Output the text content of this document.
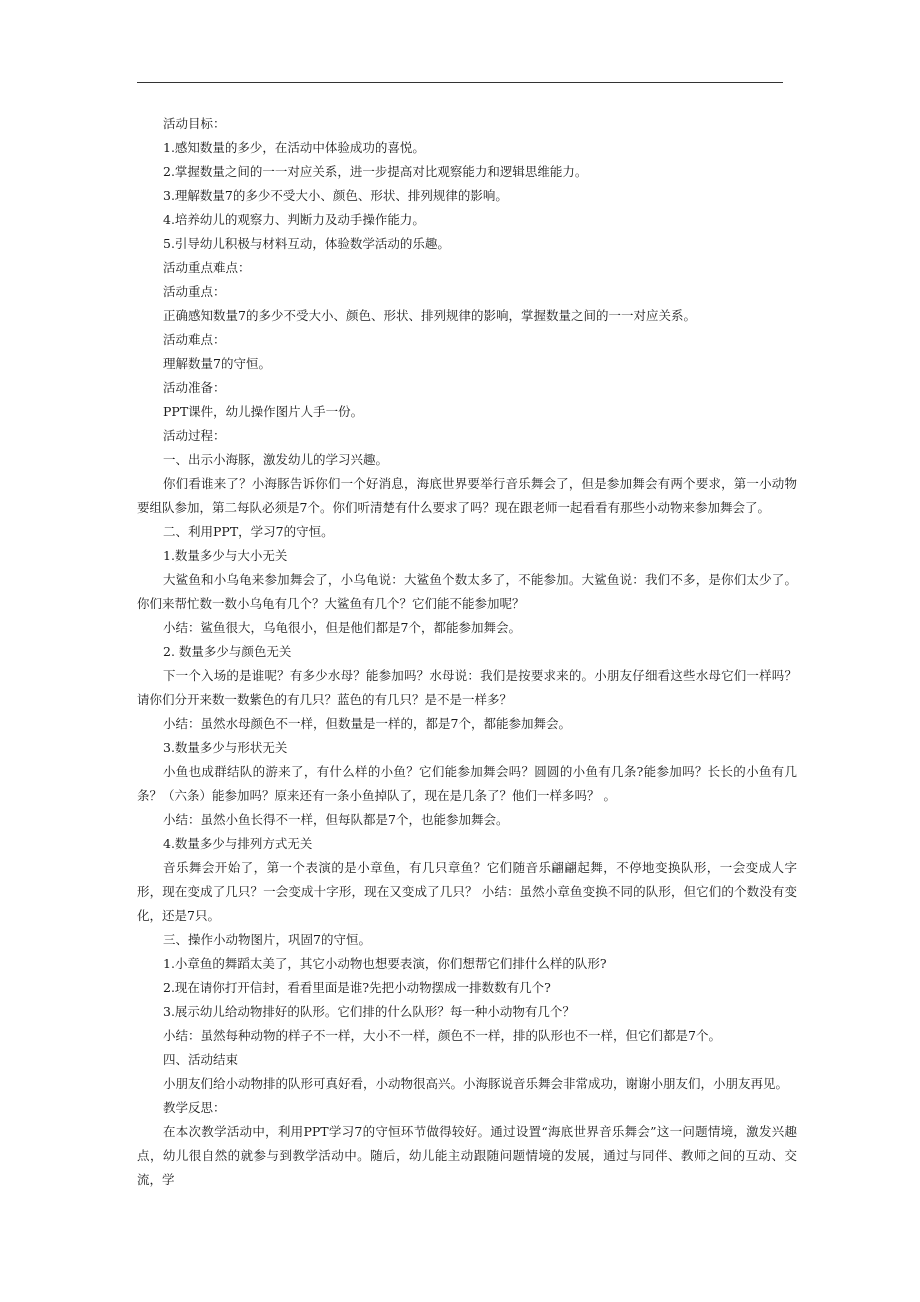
活动目标：
1.感知数量的多少，在活动中体验成功的喜悦。
2.掌握数量之间的一一对应关系，进一步提高对比观察能力和逻辑思维能力。
3.理解数量7的多少不受大小、颜色、形状、排列规律的影响。
4.培养幼儿的观察力、判断力及动手操作能力。
5.引导幼儿积极与材料互动，体验数学活动的乐趣。
活动重点难点：
活动重点：
正确感知数量7的多少不受大小、颜色、形状、排列规律的影响，掌握数量之间的一一对应关系。
活动难点：
理解数量7的守恒。
活动准备：
PPT课件，幼儿操作图片人手一份。
活动过程：
一、出示小海豚，激发幼儿的学习兴趣。
你们看谁来了？小海豚告诉你们一个好消息，海底世界要举行音乐舞会了，但是参加舞会有两个要求，第一小动物要组队参加，第二每队必须是7个。你们听清楚有什么要求了吗？现在跟老师一起看看有那些小动物来参加舞会了。
二、利用PPT，学习7的守恒。
1.数量多少与大小无关
大鲨鱼和小乌龟来参加舞会了，小乌龟说：大鲨鱼个数太多了，不能参加。大鲨鱼说：我们不多，是你们太少了。你们来帮忙数一数小乌龟有几个？大鲨鱼有几个？它们能不能参加呢？
小结：鲨鱼很大，乌龟很小，但是他们都是7个，都能参加舞会。
2. 数量多少与颜色无关
下一个入场的是谁呢？有多少水母？能参加吗？水母说：我们是按要求来的。小朋友仔细看这些水母它们一样吗？请你们分开来数一数紫色的有几只？蓝色的有几只？是不是一样多？
小结：虽然水母颜色不一样，但数量是一样的，都是7个，都能参加舞会。
3.数量多少与形状无关
小鱼也成群结队的游来了，有什么样的小鱼？它们能参加舞会吗？圆圆的小鱼有几条?能参加吗？长长的小鱼有几条？（六条）能参加吗？原来还有一条小鱼掉队了，现在是几条了？他们一样多吗？ 。
小结：虽然小鱼长得不一样，但每队都是7个，也能参加舞会。
4.数量多少与排列方式无关
音乐舞会开始了，第一个表演的是小章鱼，有几只章鱼？它们随音乐翩翩起舞，不停地变换队形，一会变成人字形，现在变成了几只？一会变成十字形，现在又变成了几只？ 小结：虽然小章鱼变换不同的队形，但它们的个数没有变化，还是7只。
三、操作小动物图片，巩固7的守恒。
1.小章鱼的舞蹈太美了，其它小动物也想要表演，你们想帮它们排什么样的队形?
2.现在请你打开信封，看看里面是谁?先把小动物摆成一排数数有几个?
3.展示幼儿给动物排好的队形。它们排的什么队形？每一种小动物有几个？
小结：虽然每种动物的样子不一样，大小不一样，颜色不一样，排的队形也不一样，但它们都是7个。
四、活动结束
小朋友们给小动物排的队形可真好看，小动物很高兴。小海豚说音乐舞会非常成功，谢谢小朋友们，小朋友再见。
教学反思：
在本次教学活动中，利用PPT学习7的守恒环节做得较好。通过设置“海底世界音乐舞会”这一问题情境，激发兴趣点，幼儿很自然的就参与到教学活动中。随后，幼儿能主动跟随问题情境的发展，通过与同伴、教师之间的互动、交流，学
